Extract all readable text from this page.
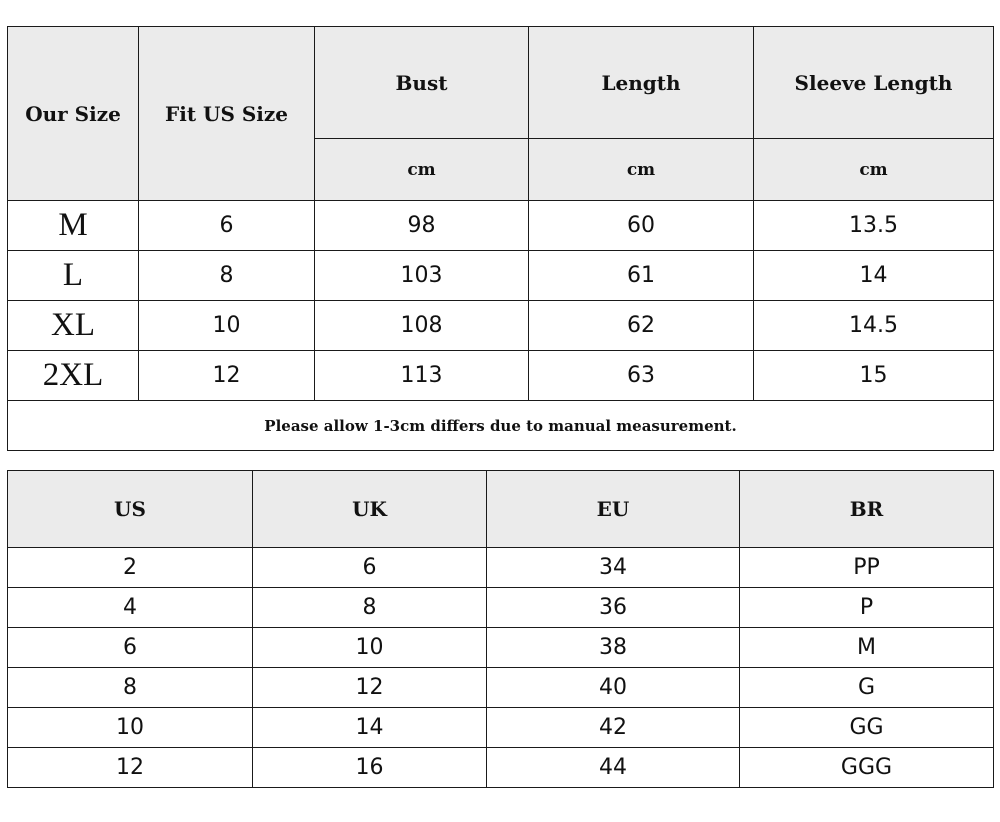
Our Size	Fit US Size	Bust	Length	Sleeve Length
		cm	cm	cm
M	6	98	60	13.5
L	8	103	61	14
XL	10	108	62	14.5
2XL	12	113	63	15
Please allow 1-3cm differs due to manual measurement.				
US	UK	EU	BR
2	6	34	PP
4	8	36	P
6	10	38	M
8	12	40	G
10	14	42	GG
12	16	44	GGG
